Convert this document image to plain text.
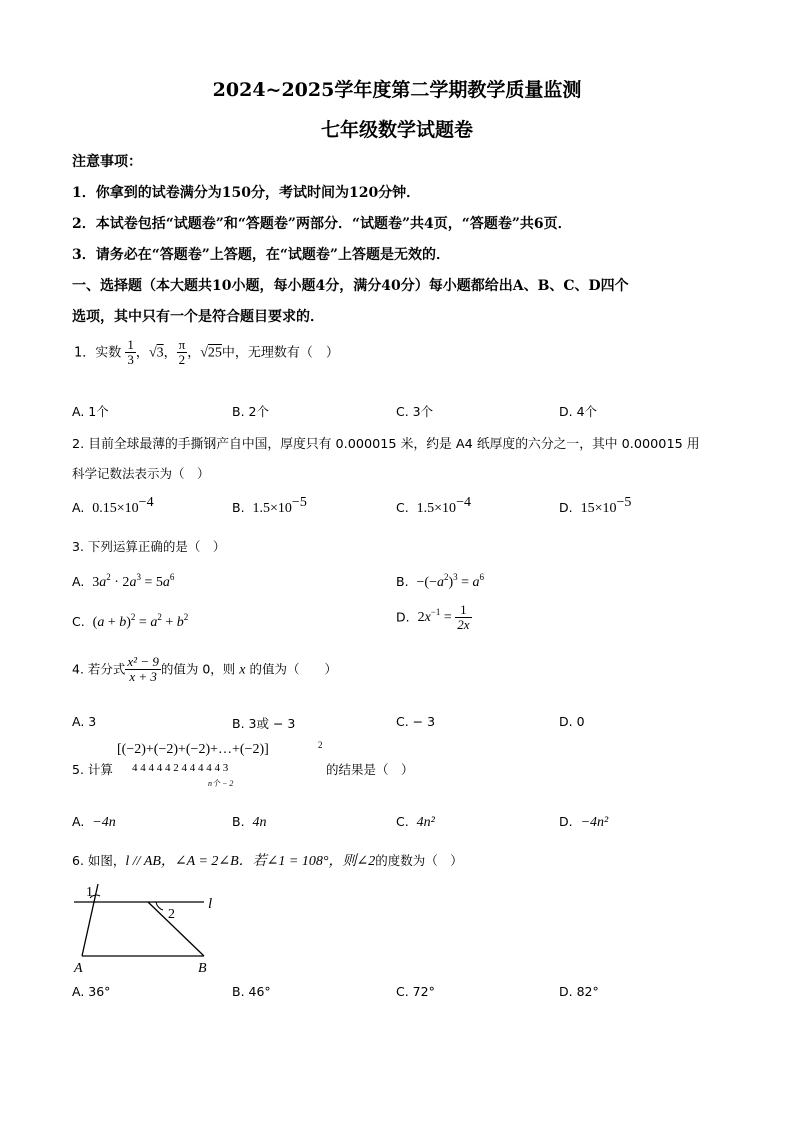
2024~2025学年度第二学期教学质量监测
七年级数学试题卷
注意事项：
1．你拿到的试卷满分为150分，考试时间为120分钟．
2．本试卷包括“试题卷”和“答题卷”两部分．“试题卷”共4页，“答题卷”共6页．
3．请务必在“答题卷”上答题，在“试题卷”上答题是无效的．
一、选择题（本大题共10小题，每小题4分，满分40分）每小题都给出A、B、C、D四个
选项，其中只有一个是符合题目要求的．
1．实数 $\frac{1}{3}$ ，√3， $\frac{\pi}{2}$ ，√25中，无理数有（　）
A. 1个	B. 2个	C. 3个	D. 4个
2. 目前全球最薄的手撕钢产自中国，厚度只有 0.000015 米，约是 A4 纸厚度的六分之一，其中 0.000015 用
科学记数法表示为（　）
A. $0.15\times 10^{-4}$	B. $1.5\times 10^{-5}$	C. $1.5\times 10^{-4}$	D. $15\times 10^{-5}$
3. 下列运算正确的是（　）
A. $3a^2 \cdot 2a^3 = 5a^6$	B. $-(-a^2)^3 = a^6$
C. $(a + b)^2 = a^2 + b^2$	D. $2x^{-1} = \frac{1}{2x}$
4. 若分式 $\frac{\text{x² − 9}}{x + 3}$ 的值为 0，则 x 的值为（　　）
A. 3	B. 3或 − 3	C. − 3	D. 0
5. 计算
[(−2)+(−2)+(−2)+…+(−2)]
4 4 4 4 4 2 4 4 4 4 4 3
n个 − 2
2
的结果是（　）
A. −4n	B. 4n	C. 4n²	D. −4n²
6. 如图，l // AB，∠A = 2∠B．若∠1 = 108°，则∠2的度数为（　）
1
2
l
A	B
A. 36°	B. 46°	C. 72°	D. 82°
